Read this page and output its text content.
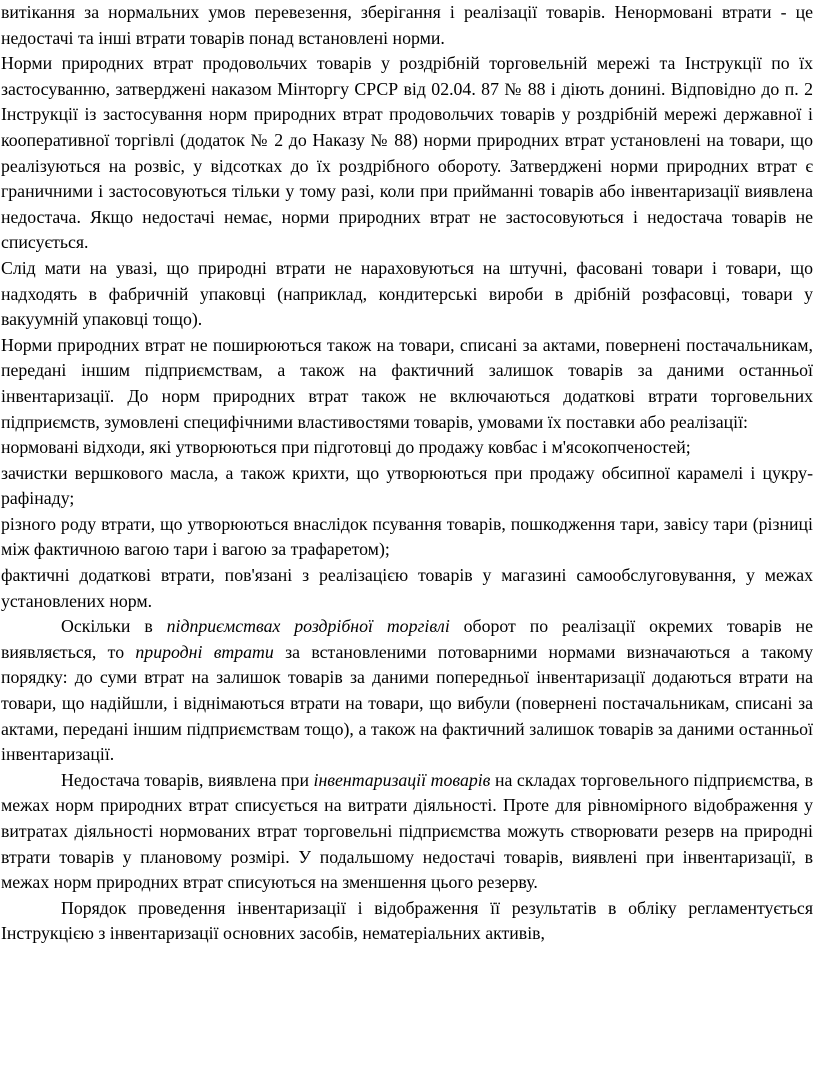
витікання за нормальних умов перевезення, зберігання і реалізації товарів. Ненормовані втрати - це недостачі та інші втрати товарів понад встановлені норми.

Норми природних втрат продовольчих товарів у роздрібній торговельній мережі та Інструкції по їх застосуванню, затверджені наказом Мінторгу СРСР від 02.04. 87 № 88 і діють донині. Відповідно до п. 2 Інструкції із застосування норм природних втрат продовольчих товарів у роздрібній мережі державної і кооперативної торгівлі (додаток № 2 до Наказу № 88) норми природних втрат установлені на товари, що реалізуються на розвіс, у відсотках до їх роздрібного обороту. Затверджені норми природних втрат є граничними і застосовуються тільки у тому разі, коли при прийманні товарів або інвентаризації виявлена недостача. Якщо недостачі немає, норми природних втрат не застосовуються і недостача товарів не списується.

Слід мати на увазі, що природні втрати не нараховуються на штучні, фасовані товари і товари, що надходять в фабричній упаковці (наприклад, кондитерські вироби в дрібній розфасовці, товари у вакуумній упаковці тощо).

Норми природних втрат не поширюються також на товари, списані за актами, повернені постачальникам, передані іншим підприємствам, а також на фактичний залишок товарів за даними останньої інвентаризації. До норм природних втрат також не включаються додаткові втрати торговельних підприємств, зумовлені специфічними властивостями товарів, умовами їх поставки або реалізації:

нормовані відходи, які утворюються при підготовці до продажу ковбас і м'ясокопченостей;

зачистки вершкового масла, а також крихти, що утворюються при продажу обсипної карамелі і цукру-рафінаду;

різного роду втрати, що утворюються внаслідок псування товарів, пошкодження тари, завісу тари (різниці між фактичною вагою тари і вагою за трафаретом);

фактичні додаткові втрати, пов'язані з реалізацією товарів у магазині самообслуговування, у межах установлених норм.

Оскільки в підприємствах роздрібної торгівлі оборот по реалізації окремих товарів не виявляється, то природні втрати за встановленими потоварними нормами визначаються а такому порядку: до суми втрат на залишок товарів за даними попередньої інвентаризації додаються втрати на товари, що надійшли, і віднімаються втрати на товари, що вибули (повернені постачальникам, списані за актами, передані іншим підприємствам тощо), а також на фактичний залишок товарів за даними останньої інвентаризації.

Недостача товарів, виявлена при інвентаризації товарів на складах торговельного підприємства, в межах норм природних втрат списується на витрати діяльності. Проте для рівномірного відображення у витратах діяльності нормованих втрат торговельні підприємства можуть створювати резерв на природні втрати товарів у плановому розмірі. У подальшому недостачі товарів, виявлені при інвентаризації, в межах норм природних втрат списуються на зменшення цього резерву.

Порядок проведення інвентаризації і відображення її результатів в обліку регламентується Інструкцією з інвентаризації основних засобів, нематеріальних активів,
